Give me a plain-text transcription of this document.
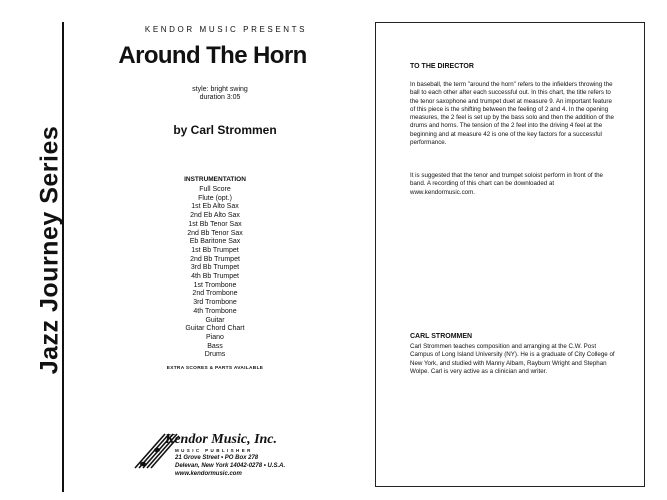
Jazz Journey Series
KENDOR MUSIC PRESENTS
Around The Horn
style: bright swing
duration 3:05
by Carl Strommen
INSTRUMENTATION
Full Score
Flute (opt.)
1st Eb Alto Sax
2nd Eb Alto Sax
1st Bb Tenor Sax
2nd Bb Tenor Sax
Eb Baritone Sax
1st Bb Trumpet
2nd Bb Trumpet
3rd Bb Trumpet
4th Bb Trumpet
1st Trombone
2nd Trombone
3rd Trombone
4th Trombone
Guitar
Guitar Chord Chart
Piano
Bass
Drums
EXTRA SCORES & PARTS AVAILABLE
Kendor Music, Inc.
MUSIC PUBLISHER
21 Grove Street • PO Box 278
Delevan, New York 14042-0278 • U.S.A.
www.kendormusic.com
TO THE DIRECTOR

In baseball, the term "around the horn" refers to the infielders throwing the ball to each other after each successful out. In this chart, the title refers to the tenor saxophone and trumpet duet at measure 9. An important feature of this piece is the shifting between the feeling of 2 and 4. In the opening measures, the 2 feel is set up by the bass solo and then the addition of the drums and horns. The tension of the 2 feel into the driving 4 feel at the beginning and at measure 42 is one of the key factors for a successful performance.

It is suggested that the tenor and trumpet soloist perform in front of the band. A recording of this chart can be downloaded at www.kendormusic.com.

CARL STROMMEN

Carl Strommen teaches composition and arranging at the C.W. Post Campus of Long Island University (NY). He is a graduate of City College of New York, and studied with Manny Albam, Rayburn Wright and Stephan Wolpe. Carl is very active as a clinician and writer.
